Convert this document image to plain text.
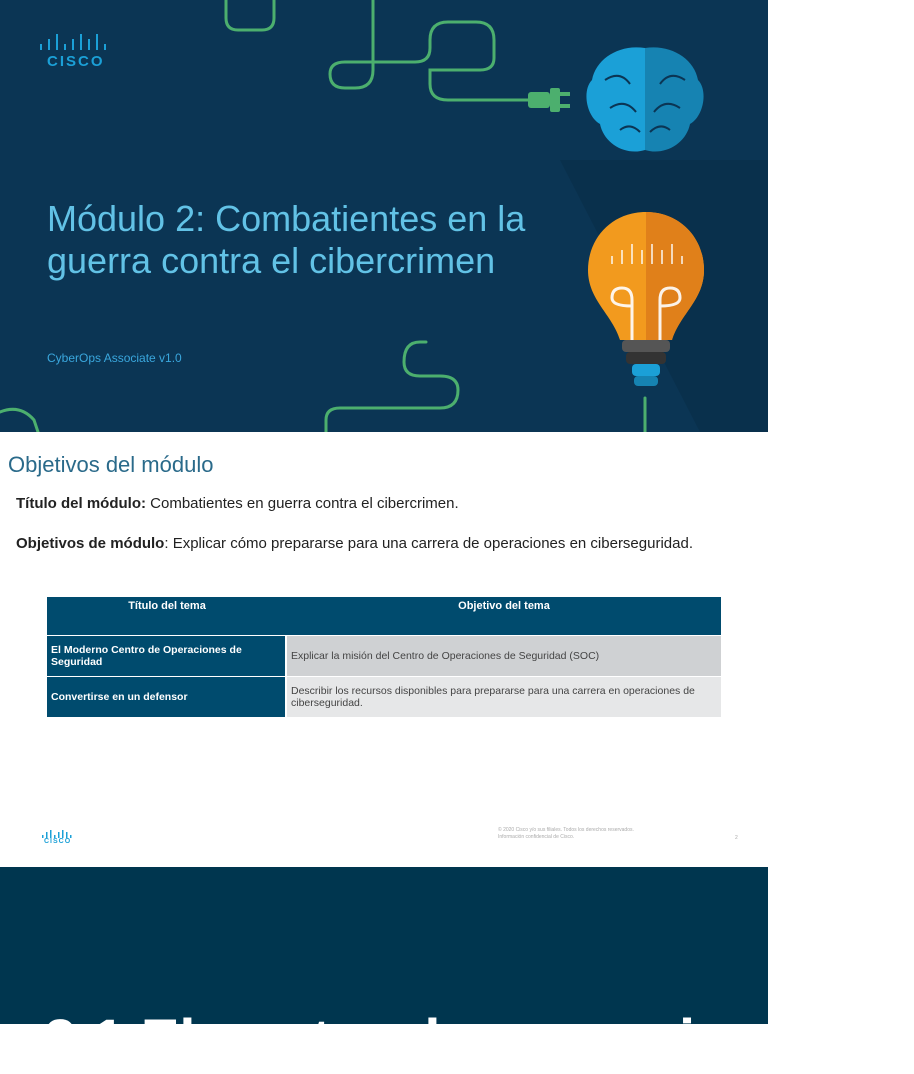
CISCO
Módulo 2: Combatientes en la guerra contra el cibercrimen
CyberOps Associate v1.0
Objetivos del módulo
Título del módulo: Combatientes en guerra contra el cibercrimen.
Objetivos de módulo: Explicar cómo prepararse para una carrera de operaciones en ciberseguridad.
Título del tema	Objetivo del tema
El Moderno Centro de Operaciones de Seguridad	Explicar la misión del Centro de Operaciones de Seguridad (SOC)
Convertirse en un defensor	Describir los recursos disponibles para prepararse para una carrera en operaciones de ciberseguridad.
CISCO
© 2020 Cisco y/o sus filiales. Todos los derechos reservados.
Información confidencial de Cisco.	2
2.1 El centro de operaciones de
